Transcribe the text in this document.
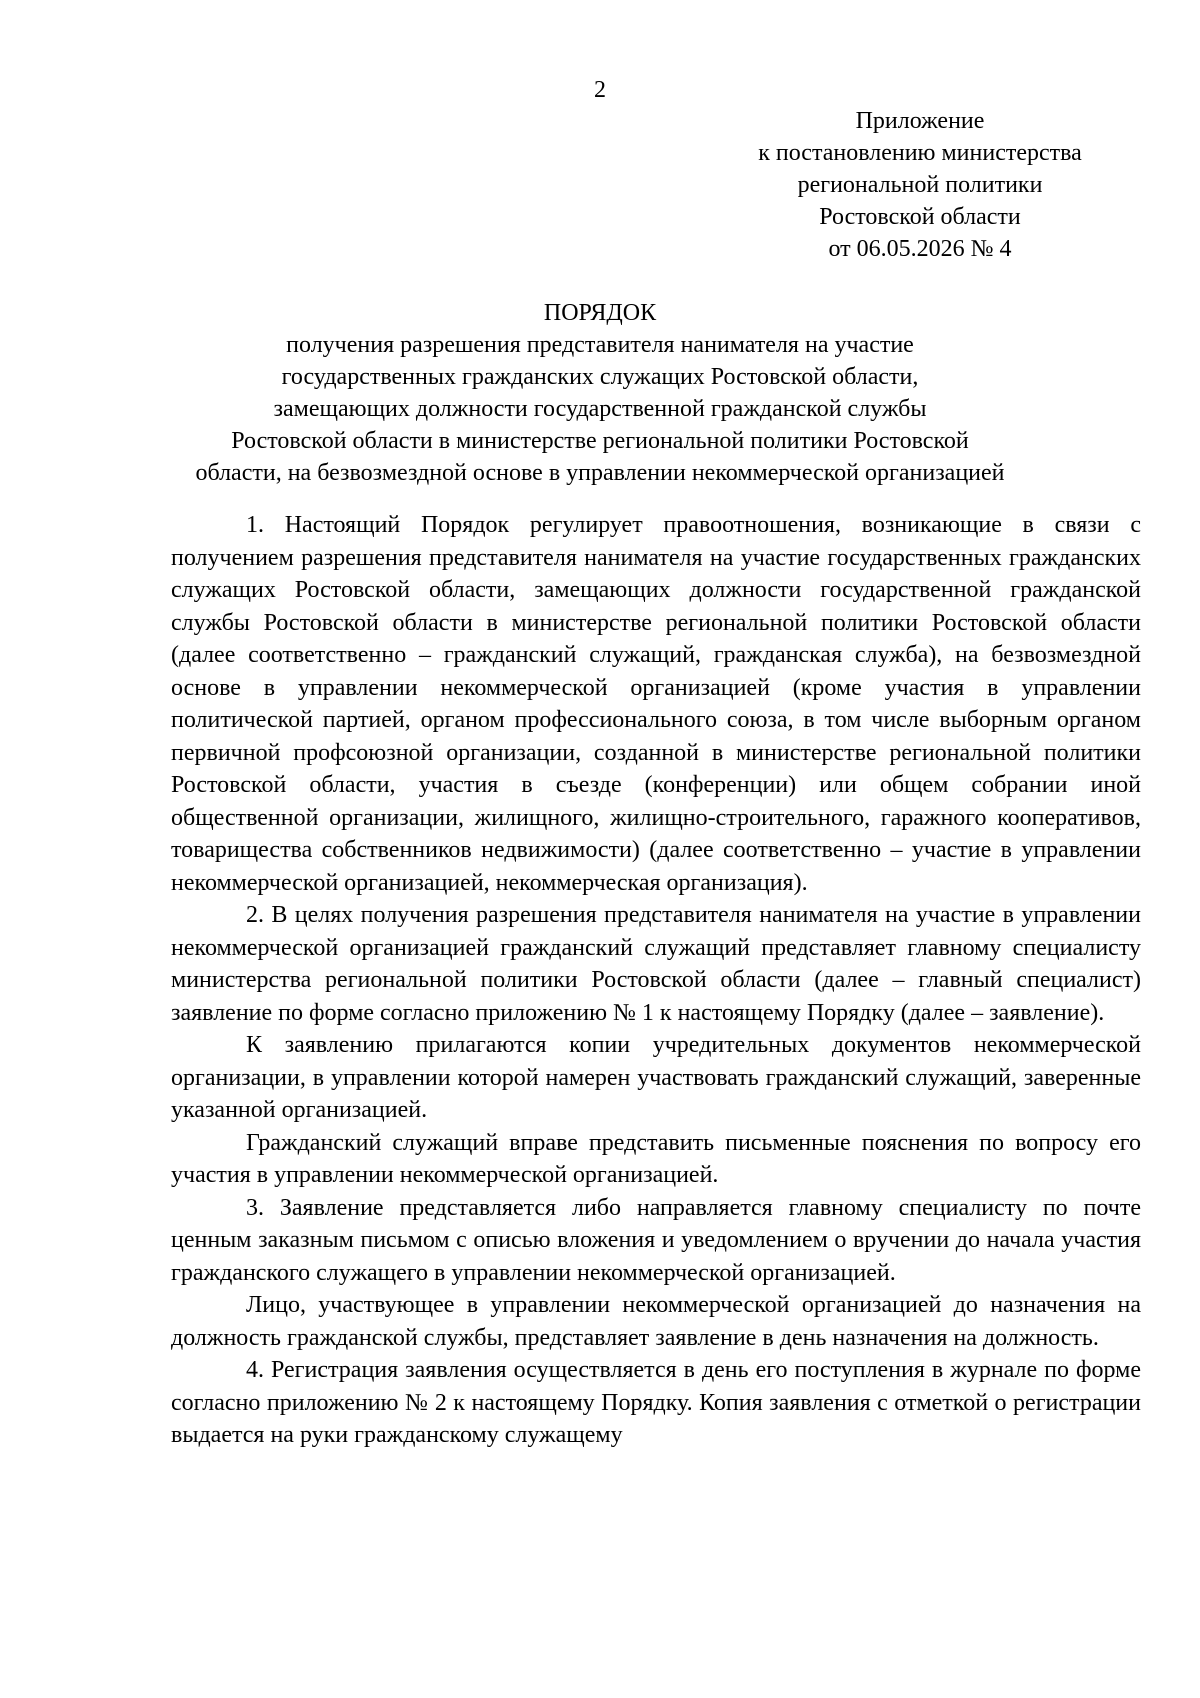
2
Приложение
к постановлению министерства
региональной политики
Ростовской области
от 06.05.2026 № 4
ПОРЯДОК
получения разрешения представителя нанимателя на участие
государственных гражданских служащих Ростовской области,
замещающих должности государственной гражданской службы
Ростовской области в министерстве региональной политики Ростовской
области, на безвозмездной основе в управлении некоммерческой организацией

1. Настоящий Порядок регулирует правоотношения, возникающие в связи с получением разрешения представителя нанимателя на участие государственных гражданских служащих Ростовской области, замещающих должности государственной гражданской службы Ростовской области в министерстве региональной политики Ростовской области (далее соответственно – гражданский служащий, гражданская служба), на безвозмездной основе в управлении некоммерческой организацией (кроме участия в управлении политической партией, органом профессионального союза, в том числе выборным органом первичной профсоюзной организации, созданной в министерстве региональной политики Ростовской области, участия в съезде (конференции) или общем собрании иной общественной организации, жилищного, жилищно-строительного, гаражного кооперативов, товарищества собственников недвижимости) (далее соответственно – участие в управлении некоммерческой организацией, некоммерческая организация).

2. В целях получения разрешения представителя нанимателя на участие в управлении некоммерческой организацией гражданский служащий представляет главному специалисту министерства региональной политики Ростовской области (далее – главный специалист) заявление по форме согласно приложению № 1 к настоящему Порядку (далее – заявление).

К заявлению прилагаются копии учредительных документов некоммерческой организации, в управлении которой намерен участвовать гражданский служащий, заверенные указанной организацией.

Гражданский служащий вправе представить письменные пояснения по вопросу его участия в управлении некоммерческой организацией.

3. Заявление представляется либо направляется главному специалисту по почте ценным заказным письмом с описью вложения и уведомлением о вручении до начала участия гражданского служащего в управлении некоммерческой организацией.

Лицо, участвующее в управлении некоммерческой организацией до назначения на должность гражданской службы, представляет заявление в день назначения на должность.

4. Регистрация заявления осуществляется в день его поступления в журнале по форме согласно приложению № 2 к настоящему Порядку. Копия заявления с отметкой о регистрации выдается на руки гражданскому служащему
